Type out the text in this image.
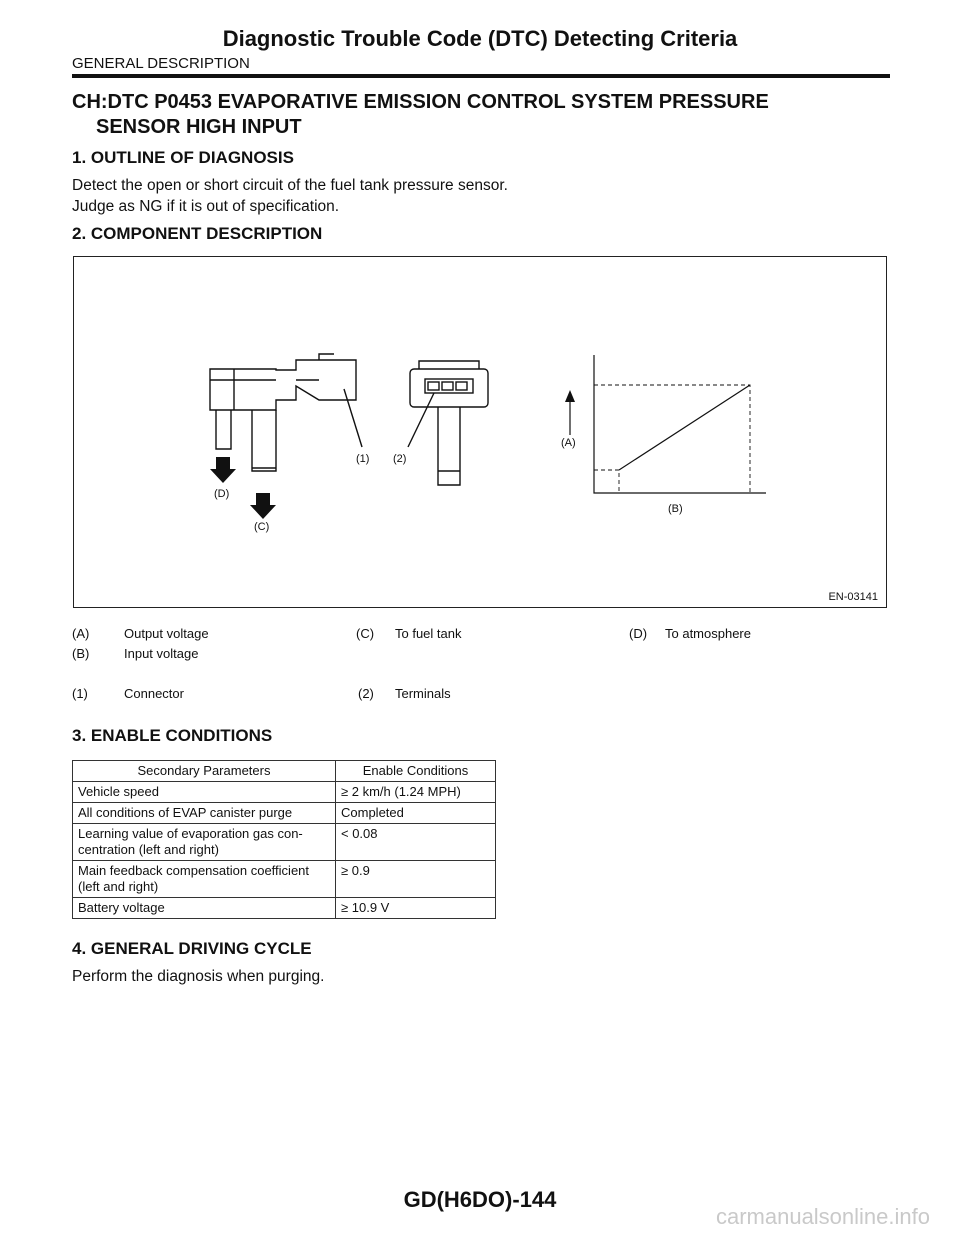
Diagnostic Trouble Code (DTC) Detecting Criteria
GENERAL DESCRIPTION
CH:DTC P0453 EVAPORATIVE EMISSION CONTROL SYSTEM PRESSURE
SENSOR HIGH INPUT
1. OUTLINE OF DIAGNOSIS
Detect the open or short circuit of the fuel tank pressure sensor.
Judge as NG if it is out of specification.
2. COMPONENT DESCRIPTION
(A)
(B)
(C)
(D)
(1) (2)
EN-03141
(A)	Output voltage	(C) To fuel tank	(D) To atmosphere
(B)	Input voltage
(1)	Connector	(2) Terminals
3. ENABLE CONDITIONS
Secondary Parameters	Enable Conditions
Vehicle speed	≥ 2 km/h (1.24 MPH)
All conditions of EVAP canister purge	Completed
Learning value of evaporation gas con-
centration (left and right)	< 0.08
Main feedback compensation coefficient
(left and right)	≥ 0.9
Battery voltage	≥ 10.9 V
4. GENERAL DRIVING CYCLE
Perform the diagnosis when purging.
GD(H6DO)-144
carmanualsonline.info
